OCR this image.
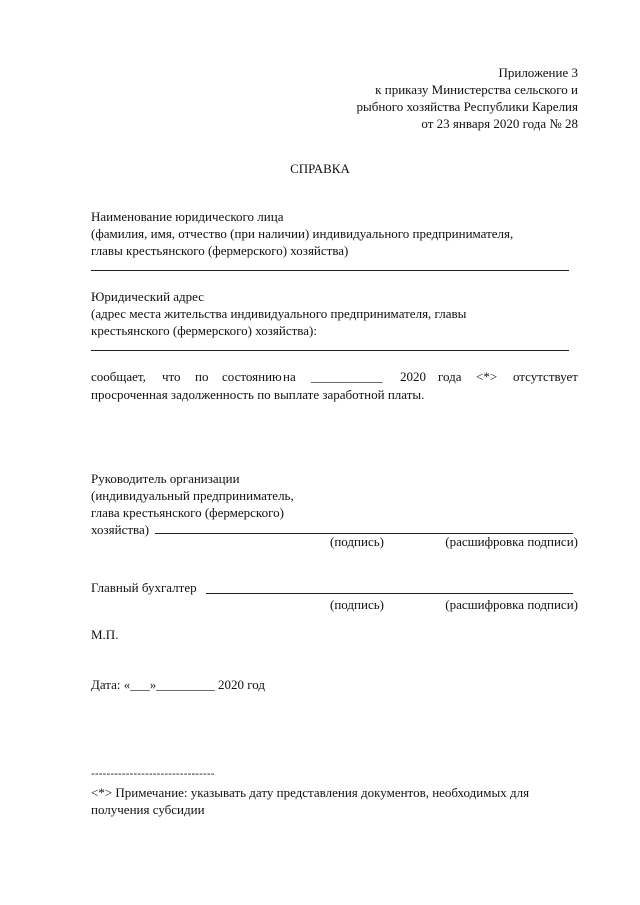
Приложение 3
к приказу Министерства сельского и
рыбного хозяйства Республики Карелия
от 23 января 2020 года № 28
СПРАВКА
Наименование юридического лица
(фамилия, имя, отчество (при наличии) индивидуального предпринимателя,
главы крестьянского (фермерского) хозяйства)
Юридический адрес
(адрес места жительства индивидуального предпринимателя, главы
крестьянского (фермерского) хозяйства):
сообщает, что по состоянию на ___________ 2020 года <*> отсутствует
просроченная задолженность по выплате заработной платы.
Руководитель организации
(индивидуальный предприниматель,
глава крестьянского (фермерского)
хозяйства)
(подпись)	(расшифровка подписи)
Главный бухгалтер
(подпись)	(расшифровка подписи)
М.П.
Дата: «___»_________ 2020 год
--------------------------------
<*> Примечание: указывать дату представления документов, необходимых для
получения субсидии
